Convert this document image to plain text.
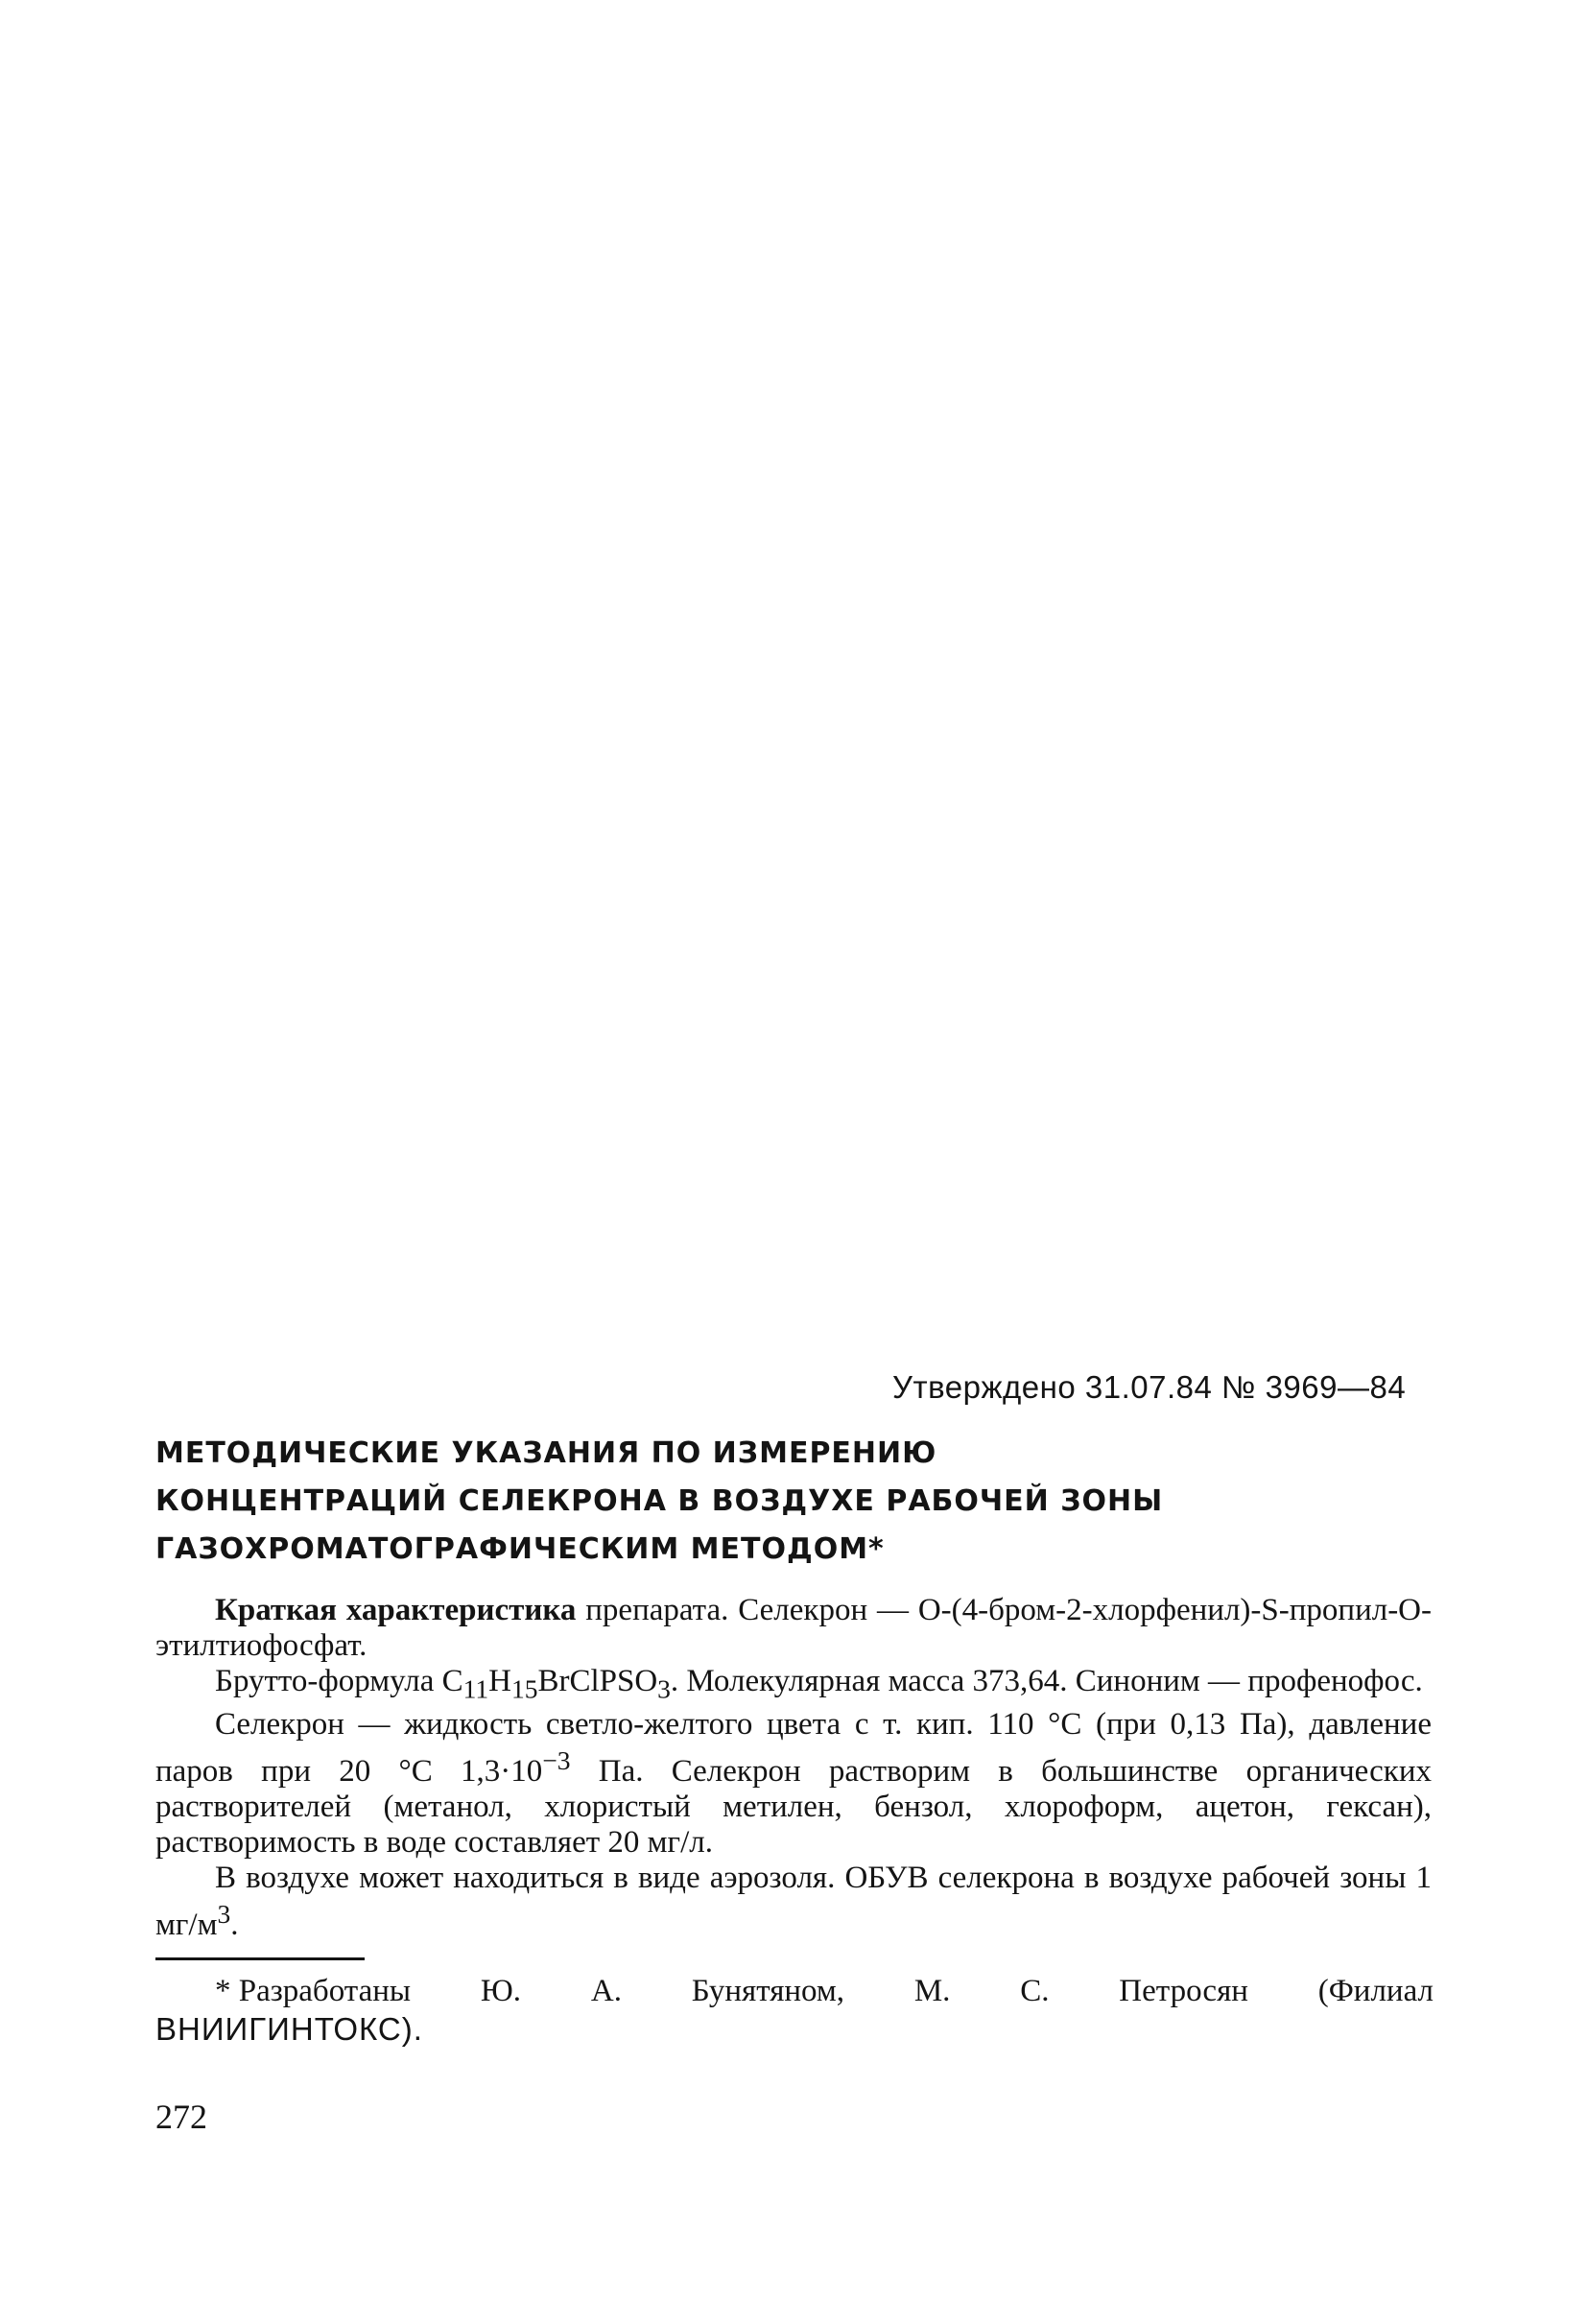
Утверждено 31.07.84 № 3969—84
МЕТОДИЧЕСКИЕ УКАЗАНИЯ ПО ИЗМЕРЕНИЮ
КОНЦЕНТРАЦИЙ СЕЛЕКРОНА В ВОЗДУХЕ РАБОЧЕЙ ЗОНЫ
ГАЗОХРОМАТОГРАФИЧЕСКИМ МЕТОДОМ*

Краткая характеристика препарата. Селекрон — О-(4-бром-2-хлорфенил)-S-пропил-О-этилтиофосфат.

Брутто-формула $C_{11}H_{15}BrClPSO_3$. Молекулярная масса 373,64. Синоним — профенофос.

Селекрон — жидкость светло-желтого цвета с т. кип. 110 °С (при 0,13 Па), давление паров при 20 °С $1,3\cdot 10^{-3}$ Па. Селекрон растворим в большинстве органических растворителей (метанол, хлористый метилен, бензол, хлороформ, ацетон, гексан), растворимость в воде составляет 20 мг/л.

В воздухе может находиться в виде аэрозоля. ОБУВ селекрона в воздухе рабочей зоны 1 $мг/м^3$.

* Разработаны Ю. А. Бунятяном, М. С. Петросян (Филиал
ВНИИГИНТОКС).
272
